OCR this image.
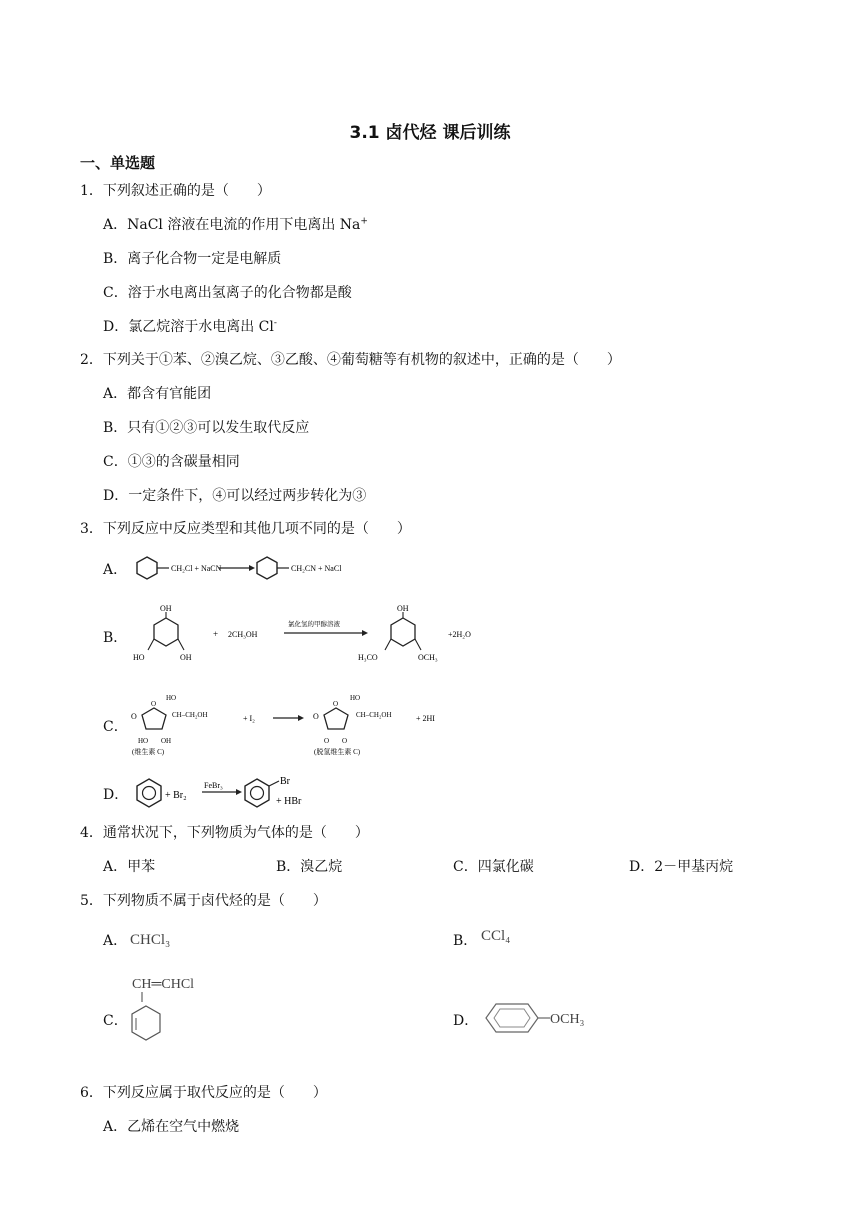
3.1 卤代烃 课后训练
一、单选题
1．下列叙述正确的是（　　）
A．NaCl 溶液在电流的作用下电离出 Na+
B．离子化合物一定是电解质
C．溶于水电离出氢离子的化合物都是酸
D．氯乙烷溶于水电离出 Cl-
2．下列关于①苯、②溴乙烷、③乙酸、④葡萄糖等有机物的叙述中，正确的是（　　）
A．都含有官能团
B．只有①②③可以发生取代反应
C．①③的含碳量相同
D．一定条件下，④可以经过两步转化为③
3．下列反应中反应类型和其他几项不同的是（　　）
A．	CH₂Cl + NaCN	CH₂CN + NaCl
B．
OH
HO	OH
+ 2CH₃OH
氯化氢的甲醇溶液
OH
H₃CO	OCH₃
+2H₂O
C．
O
O
HO OH
HO
CH–CH₂OH
(维生素 C)
+ I₂	O
O
O O
HO
CH–CH₂OH
(脱氢维生素 C)
+ 2HI
D．	+ Br₂
FeBr₃	Br
+ HBr
4．通常状况下，下列物质为气体的是（　　）
A．甲苯	B．溴乙烷	C．四氯化碳	D．2－甲基丙烷
5．下列物质不属于卤代烃的是（　　）
A． CHCl₃	B． CCl₄
C．
CH═CHCl
D．	OCH₃
6．下列反应属于取代反应的是（　　）
A．乙烯在空气中燃烧
